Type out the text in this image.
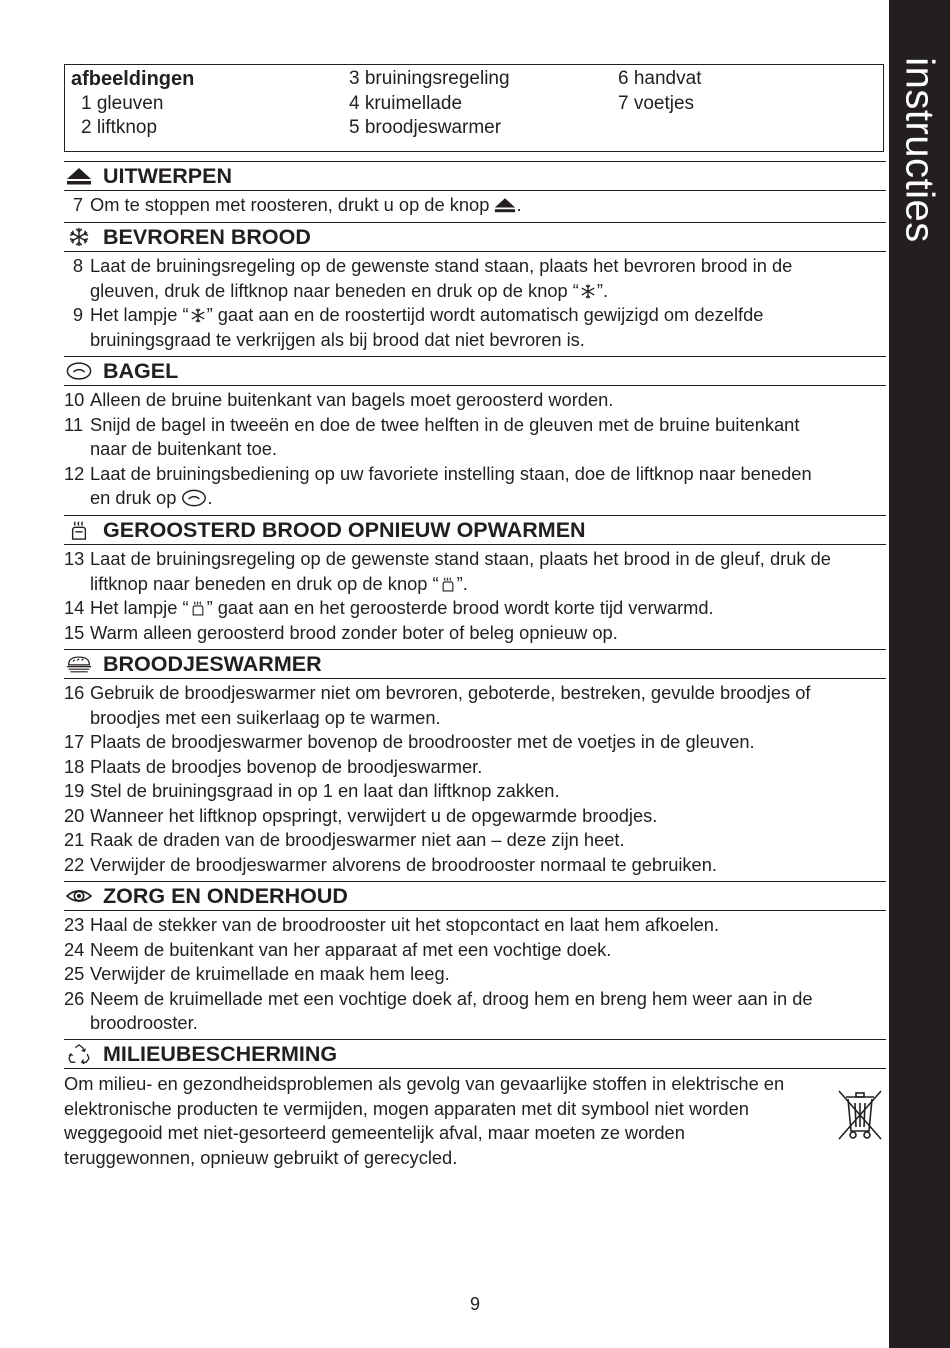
instructies
afbeeldingen
1 gleuven
2 liftknop
3 bruiningsregeling
4 kruimellade
5 broodjeswarmer
6 handvat
7 voetjes
UITWERPEN
7 Om te stoppen met roosteren, drukt u op de knop .
BEVROREN BROOD
8 Laat de bruiningsregeling op de gewenste stand staan, plaats het bevroren brood in de
gleuven, druk de liftknop naar beneden en druk op de knop “ ”.
9 Het lampje “ ” gaat aan en de roostertijd wordt automatisch gewijzigd om dezelfde
bruiningsgraad te verkrijgen als bij brood dat niet bevroren is.
BAGEL
10 Alleen de bruine buitenkant van bagels moet geroosterd worden.
11 Snijd de bagel in tweeën en doe de twee helften in de gleuven met de bruine buitenkant
naar de buitenkant toe.
12 Laat de bruiningsbediening op uw favoriete instelling staan, doe de liftknop naar beneden
en druk op .
GEROOSTERD BROOD OPNIEUW OPWARMEN
13 Laat de bruiningsregeling op de gewenste stand staan, plaats het brood in de gleuf, druk de
liftknop naar beneden en druk op de knop “ ”.
14 Het lampje “ ” gaat aan en het geroosterde brood wordt korte tijd verwarmd.
15 Warm alleen geroosterd brood zonder boter of beleg opnieuw op.
BROODJESWARMER
16 Gebruik de broodjeswarmer niet om bevroren, geboterde, bestreken, gevulde broodjes of
broodjes met een suikerlaag op te warmen.
17 Plaats de broodjeswarmer bovenop de broodrooster met de voetjes in de gleuven.
18 Plaats de broodjes bovenop de broodjeswarmer.
19 Stel de bruiningsgraad in op 1 en laat dan liftknop zakken.
20 Wanneer het liftknop opspringt, verwijdert u de opgewarmde broodjes.
21 Raak de draden van de broodjeswarmer niet aan – deze zijn heet.
22 Verwijder de broodjeswarmer alvorens de broodrooster normaal te gebruiken.
ZORG EN ONDERHOUD
23 Haal de stekker van de broodrooster uit het stopcontact en laat hem afkoelen.
24 Neem de buitenkant van her apparaat af met een vochtige doek.
25 Verwijder de kruimellade en maak hem leeg.
26 Neem de kruimellade met een vochtige doek af, droog hem en breng hem weer aan in de
broodrooster.
MILIEUBESCHERMING
Om milieu- en gezondheidsproblemen als gevolg van gevaarlijke stoffen in elektrische en
elektronische producten te vermijden, mogen apparaten met dit symbool niet worden
weggegooid met niet-gesorteerd gemeentelijk afval, maar moeten ze worden
teruggewonnen, opnieuw gebruikt of gerecycled.
9
